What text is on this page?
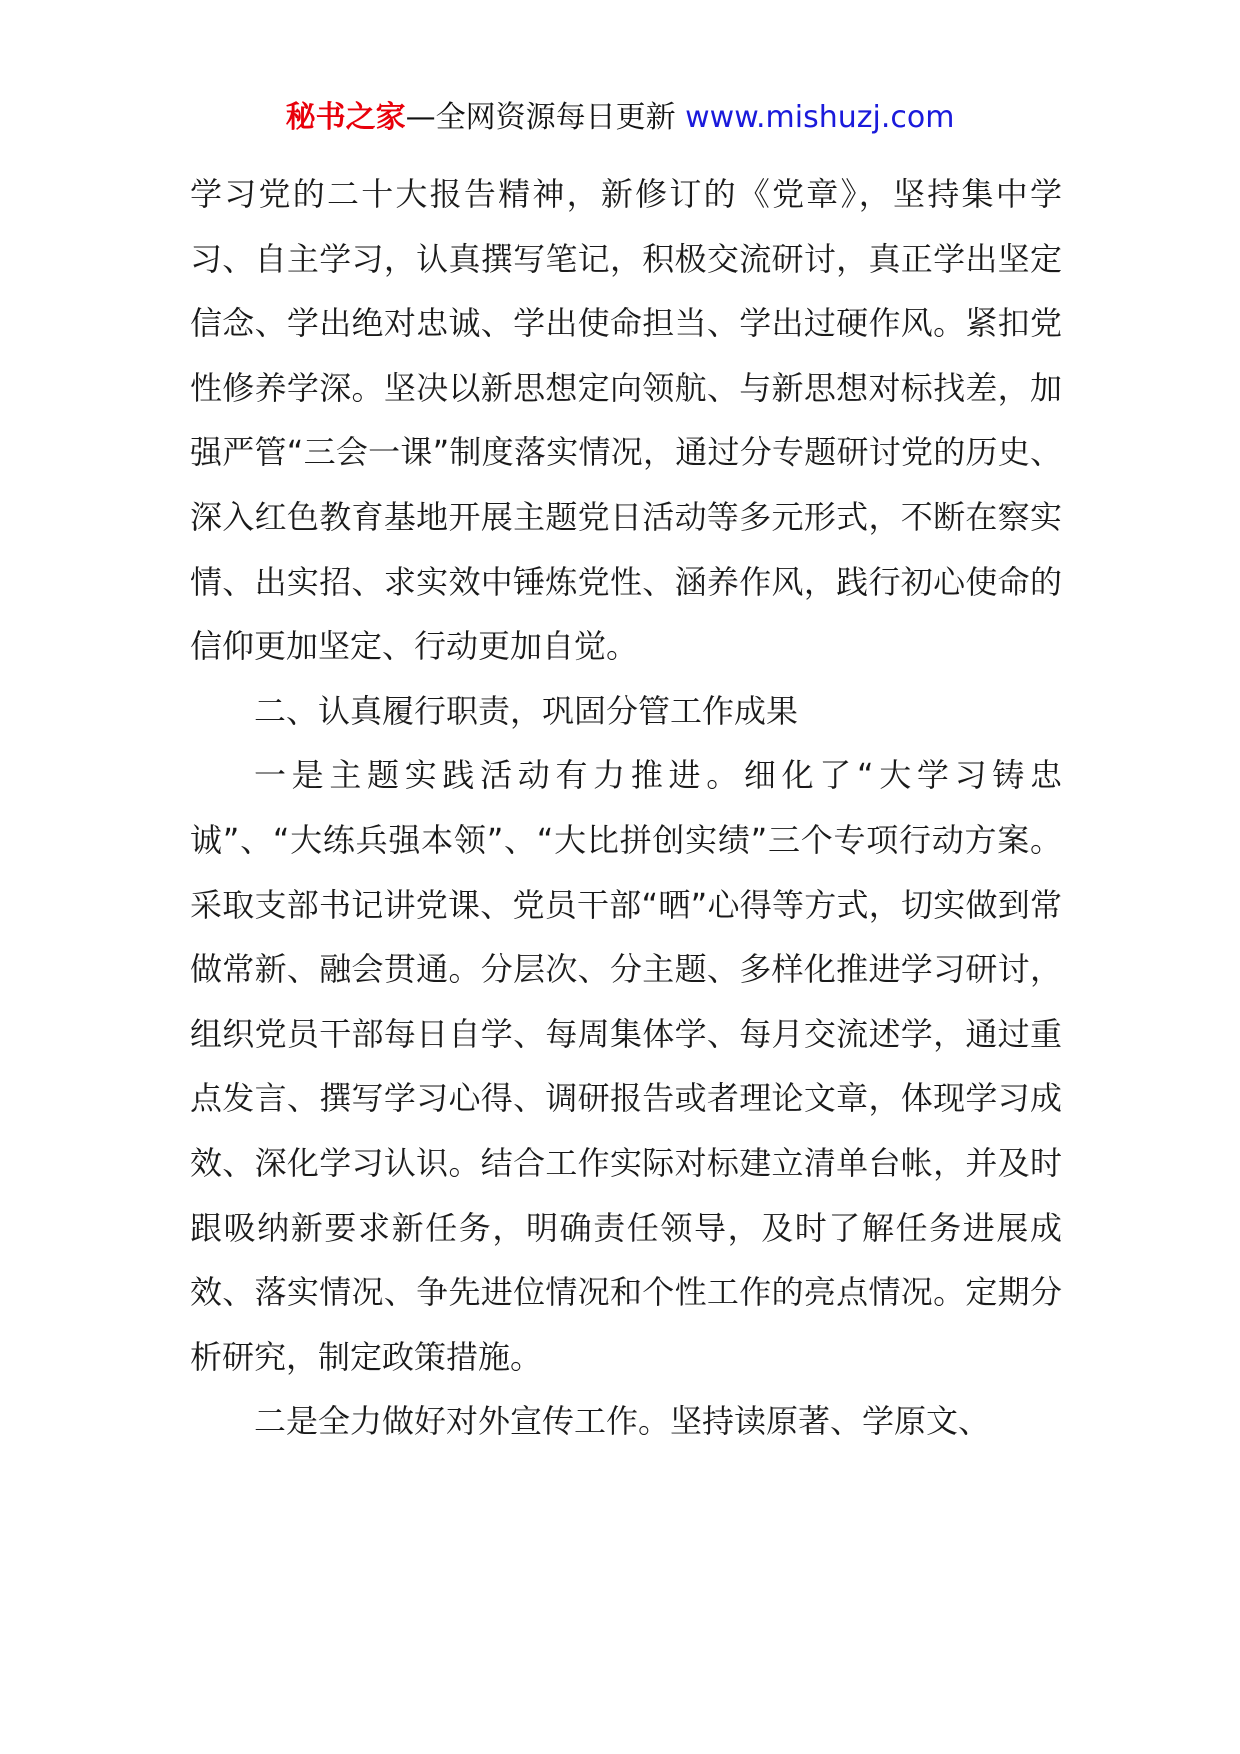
秘书之家—全网资源每日更新 www.mishuzj.com

学习党的二十大报告精神，新修订的《党章》，坚持集中学习、自主学习，认真撰写笔记，积极交流研讨，真正学出坚定信念、学出绝对忠诚、学出使命担当、学出过硬作风。紧扣党性修养学深。坚决以新思想定向领航、与新思想对标找差，加强严管“三会一课”制度落实情况，通过分专题研讨党的历史、深入红色教育基地开展主题党日活动等多元形式，不断在察实情、出实招、求实效中锤炼党性、涵养作风，践行初心使命的信仰更加坚定、行动更加自觉。

二、认真履行职责，巩固分管工作成果

一是主题实践活动有力推进。细化了“大学习铸忠诚”、“大练兵强本领”、“大比拼创实绩”三个专项行动方案。采取支部书记讲党课、党员干部“晒”心得等方式，切实做到常做常新、融会贯通。分层次、分主题、多样化推进学习研讨，组织党员干部每日自学、每周集体学、每月交流述学，通过重点发言、撰写学习心得、调研报告或者理论文章，体现学习成效、深化学习认识。结合工作实际对标建立清单台帐，并及时跟吸纳新要求新任务，明确责任领导，及时了解任务进展成效、落实情况、争先进位情况和个性工作的亮点情况。定期分析研究，制定政策措施。

二是全力做好对外宣传工作。坚持读原著、学原文、
